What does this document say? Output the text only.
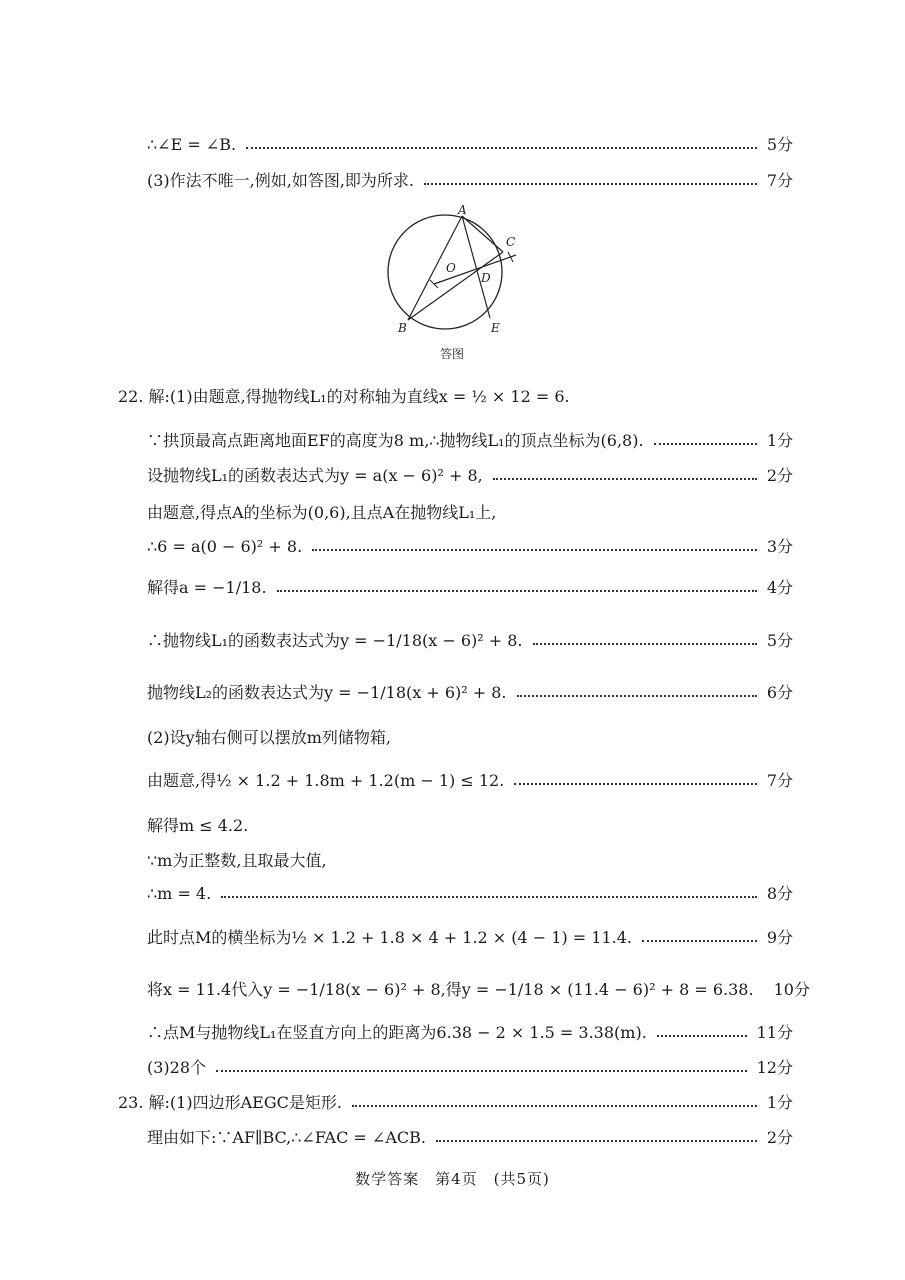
∴∠E = ∠B.	5分
(3)作法不唯一,例如,如答图,即为所求.	7分
A
B
C
D
E
O
答图
22. 解:(1)由题意,得抛物线L₁的对称轴为直线x = ½ × 12 = 6.
∵拱顶最高点距离地面EF的高度为8 m,∴抛物线L₁的顶点坐标为(6,8).	1分
设抛物线L₁的函数表达式为y = a(x − 6)² + 8,	2分
由题意,得点A的坐标为(0,6),且点A在抛物线L₁上,
∴6 = a(0 − 6)² + 8.	3分
解得a = −1/18.	4分
∴抛物线L₁的函数表达式为y = −1/18(x − 6)² + 8.	5分
抛物线L₂的函数表达式为y = −1/18(x + 6)² + 8.	6分
(2)设y轴右侧可以摆放m列储物箱,
由题意,得½ × 1.2 + 1.8m + 1.2(m − 1) ≤ 12.	7分
解得m ≤ 4.2.
∵m为正整数,且取最大值,
∴m = 4.	8分
此时点M的横坐标为½ × 1.2 + 1.8 × 4 + 1.2 × (4 − 1) = 11.4.	9分
将x = 11.4代入y = −1/18(x − 6)² + 8,得y = −1/18 × (11.4 − 6)² + 8 = 6.38. 10分
∴点M与抛物线L₁在竖直方向上的距离为6.38 − 2 × 1.5 = 3.38(m).	11分
(3)28个	12分
23. 解:(1)四边形AEGC是矩形.	1分
理由如下:∵AF∥BC,∴∠FAC = ∠ACB.	2分
数学答案　第4页　(共5页)
